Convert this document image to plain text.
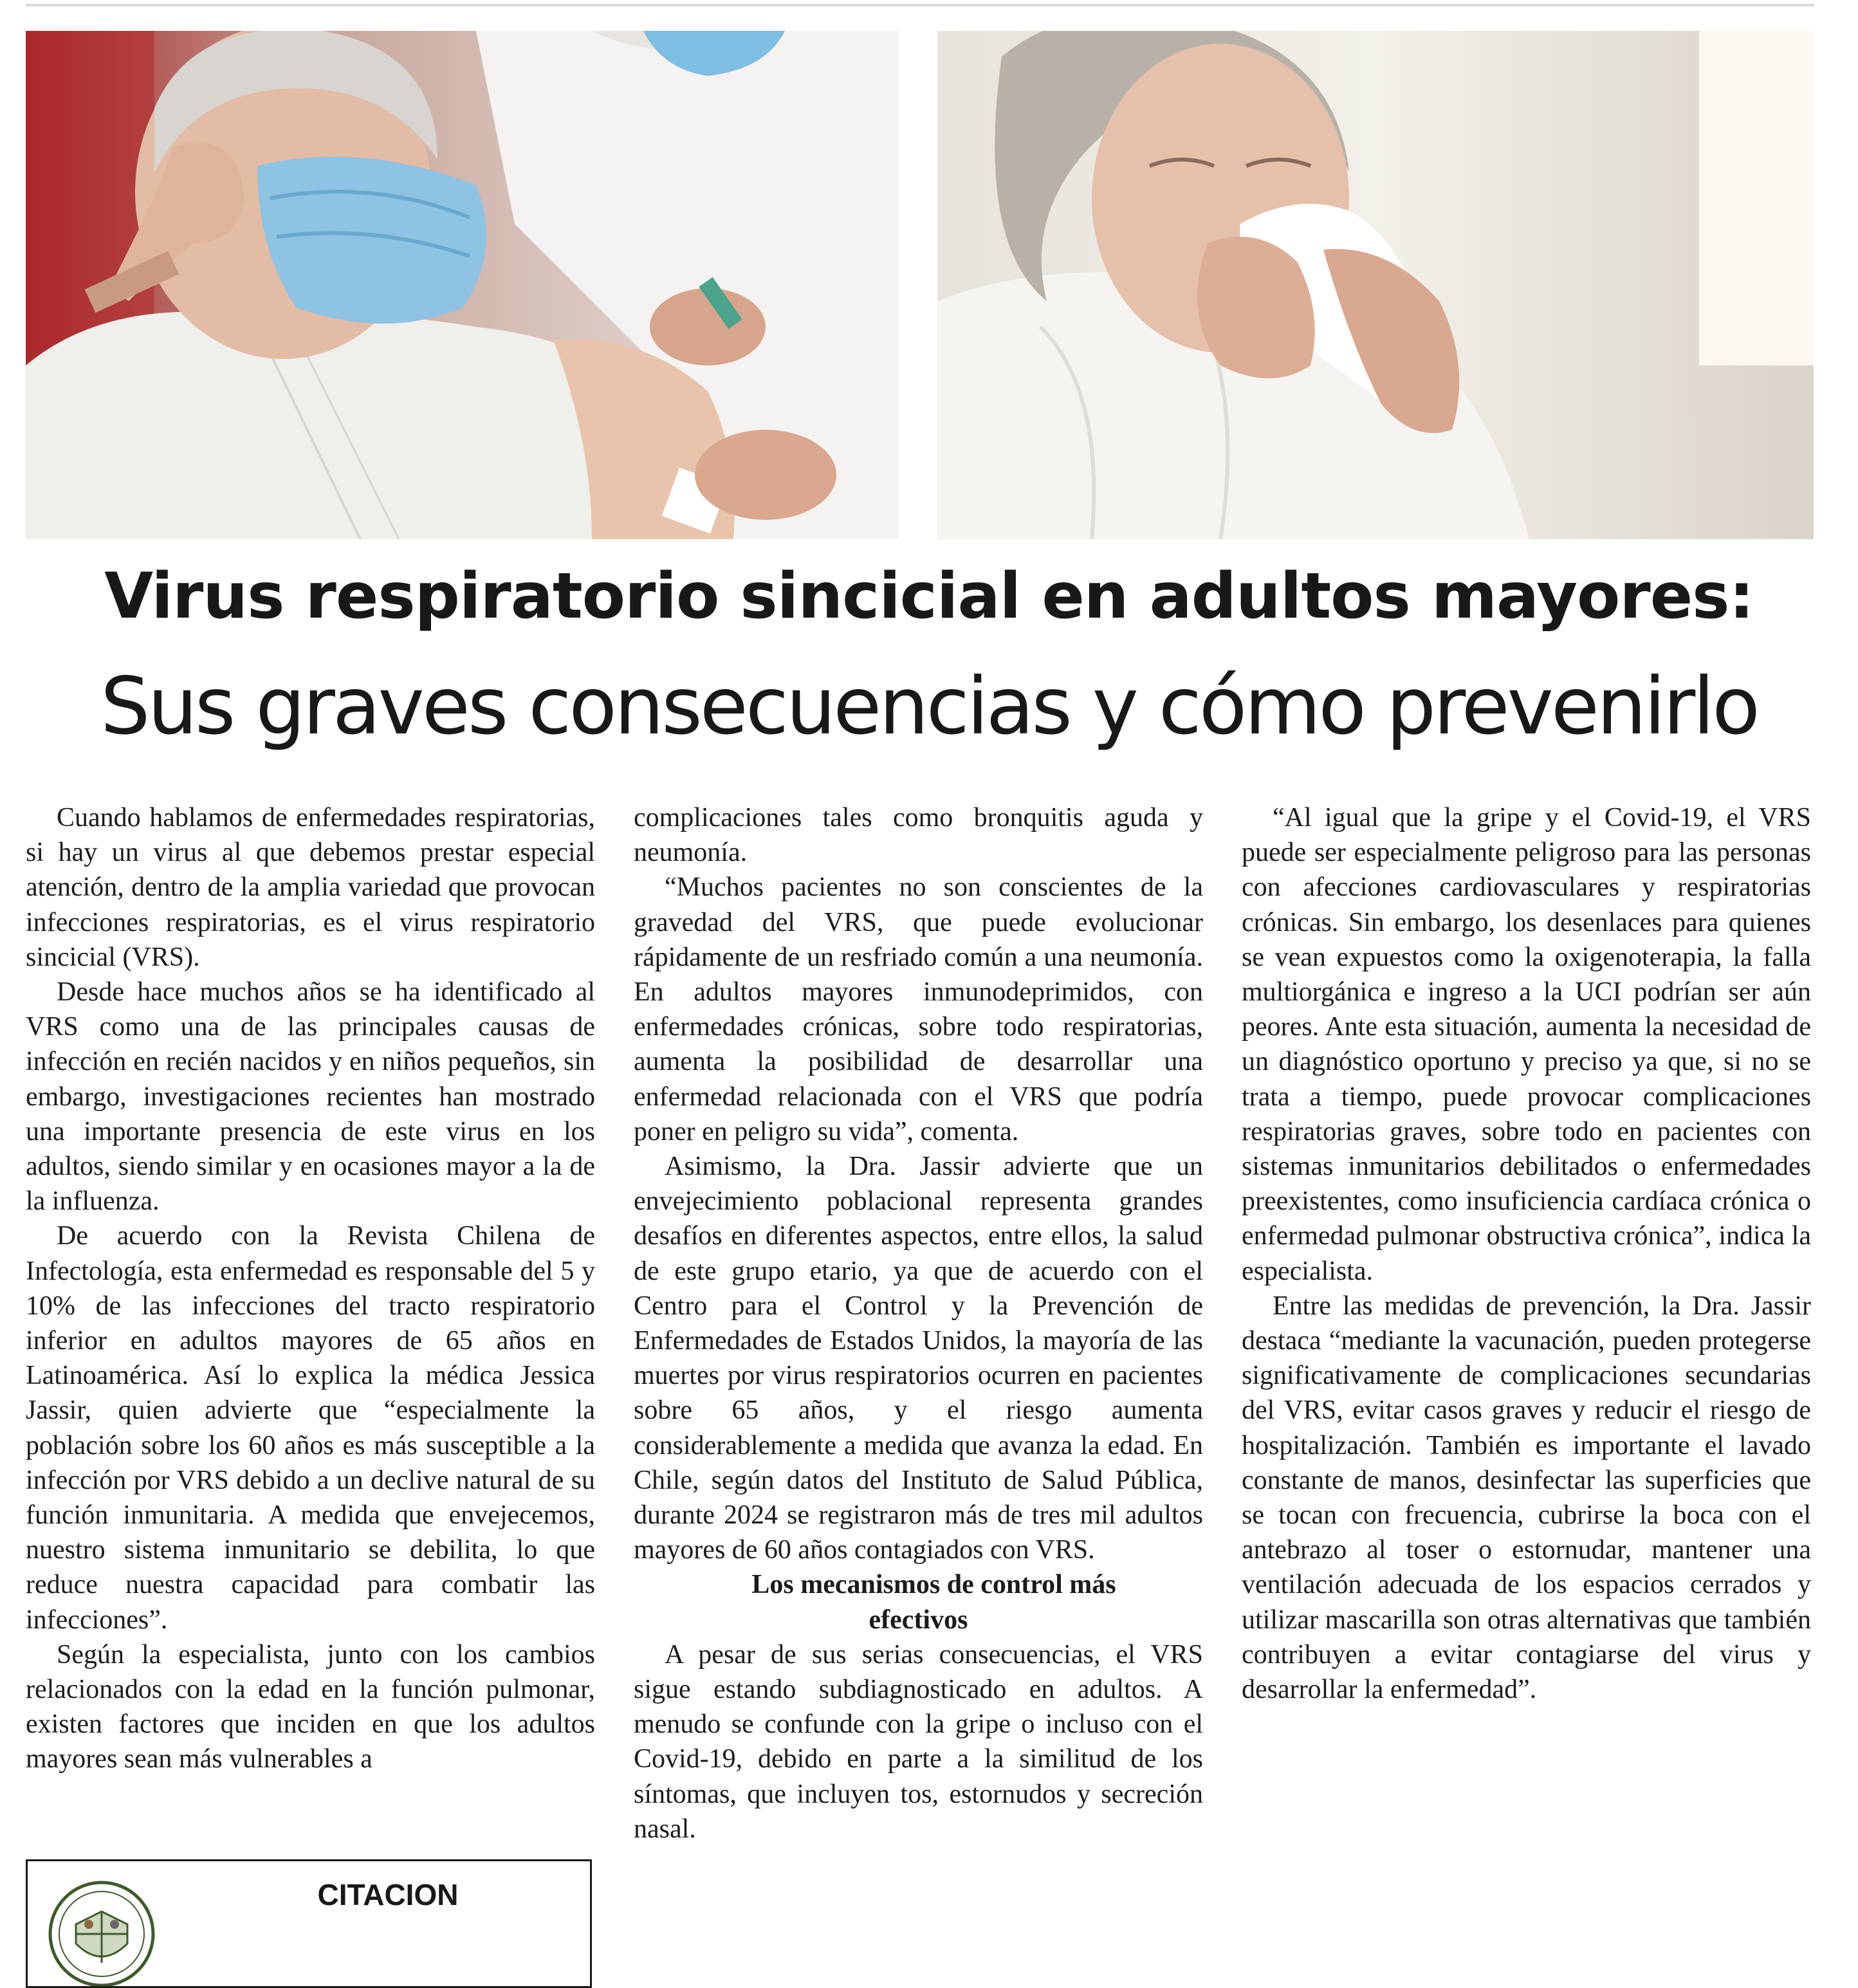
Virus respiratorio sincicial en adultos mayores:
Sus graves consecuencias y cómo prevenirlo

Cuando hablamos de enfermedades respiratorias, si hay un virus al que debemos prestar especial atención, dentro de la amplia variedad que provocan infecciones respiratorias, es el virus respiratorio sincicial (VRS).

Desde hace muchos años se ha identificado al VRS como una de las principales causas de infección en recién nacidos y en niños pequeños, sin embargo, investigaciones recientes han mostrado una importante presencia de este virus en los adultos, siendo similar y en ocasiones mayor a la de la influenza.

De acuerdo con la Revista Chilena de Infectología, esta enfermedad es responsable del 5 y 10% de las infecciones del tracto respiratorio inferior en adultos mayores de 65 años en Latinoamérica. Así lo explica la médica Jessica Jassir, quien advierte que “especialmente la población sobre los 60 años es más susceptible a la infección por VRS debido a un declive natural de su función inmunitaria. A medida que envejecemos, nuestro sistema inmunitario se debilita, lo que reduce nuestra capacidad para combatir las infecciones”.

Según la especialista, junto con los cambios relacionados con la edad en la función pulmonar, existen factores que inciden en que los adultos mayores sean más vulnerables a

complicaciones tales como bronquitis aguda y neumonía.

“Muchos pacientes no son conscientes de la gravedad del VRS, que puede evolucionar rápidamente de un resfriado común a una neumonía. En adultos mayores inmunodeprimidos, con enfermedades crónicas, sobre todo respiratorias, aumenta la posibilidad de desarrollar una enfermedad relacionada con el VRS que podría poner en peligro su vida”, comenta.

Asimismo, la Dra. Jassir advierte que un envejecimiento poblacional representa grandes desafíos en diferentes aspectos, entre ellos, la salud de este grupo etario, ya que de acuerdo con el Centro para el Control y la Prevención de Enfermedades de Estados Unidos, la mayoría de las muertes por virus respiratorios ocurren en pacientes sobre 65 años, y el riesgo aumenta considerablemente a medida que avanza la edad. En Chile, según datos del Instituto de Salud Pública, durante 2024 se registraron más de tres mil adultos mayores de 60 años contagiados con VRS.

Los mecanismos de control más efectivos

A pesar de sus serias consecuencias, el VRS sigue estando subdiagnosticado en adultos. A menudo se confunde con la gripe o incluso con el Covid-19, debido en parte a la similitud de los síntomas, que incluyen tos, estornudos y secreción nasal.

“Al igual que la gripe y el Covid-19, el VRS puede ser especialmente peligroso para las personas con afecciones cardiovasculares y respiratorias crónicas. Sin embargo, los desenlaces para quienes se vean expuestos como la oxigenoterapia, la falla multiorgánica e ingreso a la UCI podrían ser aún peores. Ante esta situación, aumenta la necesidad de un diagnóstico oportuno y preciso ya que, si no se trata a tiempo, puede provocar complicaciones respiratorias graves, sobre todo en pacientes con sistemas inmunitarios debilitados o enfermedades preexistentes, como insuficiencia cardíaca crónica o enfermedad pulmonar obstructiva crónica”, indica la especialista.

Entre las medidas de prevención, la Dra. Jassir destaca “mediante la vacunación, pueden protegerse significativamente de complicaciones secundarias del VRS, evitar casos graves y reducir el riesgo de hospitalización. También es importante el lavado constante de manos, desinfectar las superficies que se tocan con frecuencia, cubrirse la boca con el antebrazo al toser o estornudar, mantener una ventilación adecuada de los espacios cerrados y utilizar mascarilla son otras alternativas que también contribuyen a evitar contagiarse del virus y desarrollar la enfermedad”.

CITACION
